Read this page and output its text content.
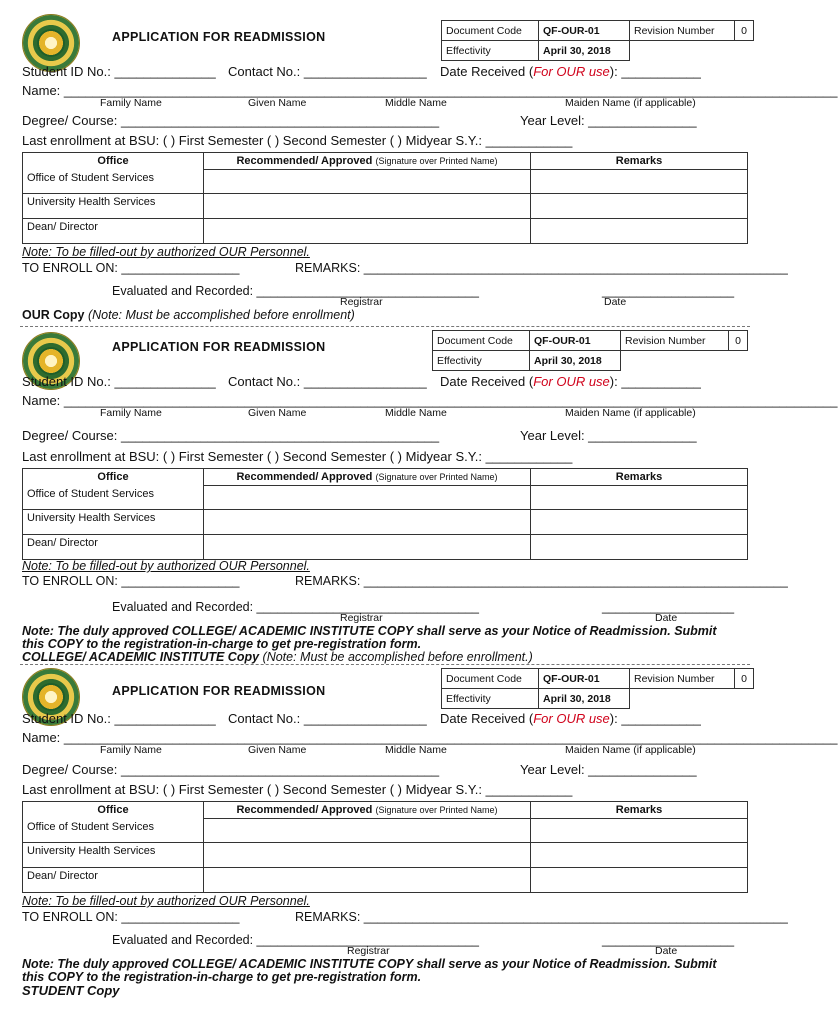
APPLICATION FOR READMISSION	Document Code	QF-OUR-01	Revision Number	0
Effectivity	April 30, 2018		
Student ID No.: ______________ Contact No.: _________________ Date Received (For OUR use): ___________
Name: ___________________________________________________________________________________________________________
Family Name	Given Name	Middle Name	Maiden Name (if applicable)
Degree/ Course: ____________________________________________	Year Level: _______________
Last enrollment at BSU: ( ) First Semester ( ) Second Semester ( ) Midyear S.Y.: ____________
Office	Recommended/ Approved (Signature over Printed Name)	Remarks
Office of Student Services		
University Health Services		
Dean/ Director		
Note: To be filled-out by authorized OUR Personnel.
TO ENROLL ON: _________________	REMARKS: _____________________________________________________________
Evaluated and Recorded: ________________________________	___________________
Registrar	Date
OUR Copy (Note: Must be accomplished before enrollment)
APPLICATION FOR READMISSION	Document Code	QF-OUR-01	Revision Number	0
Effectivity	April 30, 2018		
Student ID No.: ______________ Contact No.: _________________ Date Received (For OUR use): ___________
Name: ___________________________________________________________________________________________________________
Family Name	Given Name	Middle Name	Maiden Name (if applicable)
Degree/ Course: ____________________________________________	Year Level: _______________
Last enrollment at BSU: ( ) First Semester ( ) Second Semester ( ) Midyear S.Y.: ____________
Office	Recommended/ Approved (Signature over Printed Name)	Remarks
Office of Student Services		
University Health Services		
Dean/ Director		
Note: To be filled-out by authorized OUR Personnel.
TO ENROLL ON: _________________	REMARKS: _____________________________________________________________
Evaluated and Recorded: ________________________________	___________________
Registrar	Date
Note: The duly approved COLLEGE/ ACADEMIC INSTITUTE COPY shall serve as your Notice of Readmission. Submit
this COPY to the registration-in-charge to get pre-registration form.
COLLEGE/ ACADEMIC INSTITUTE Copy (Note: Must be accomplished before enrollment.)
APPLICATION FOR READMISSION
Document Code	QF-OUR-01	Revision Number	0
Effectivity	April 30, 2018		
Student ID No.: ______________ Contact No.: _________________ Date Received (For OUR use): ___________
Name: ___________________________________________________________________________________________________________
Family Name	Given Name	Middle Name	Maiden Name (if applicable)
Degree/ Course: ____________________________________________	Year Level: _______________
Last enrollment at BSU: ( ) First Semester ( ) Second Semester ( ) Midyear S.Y.: ____________
Office	Recommended/ Approved (Signature over Printed Name)	Remarks
Office of Student Services		
University Health Services		
Dean/ Director		
Note: To be filled-out by authorized OUR Personnel.
TO ENROLL ON: _________________	REMARKS: _____________________________________________________________
Evaluated and Recorded: ________________________________	___________________
Registrar	Date
Note: The duly approved COLLEGE/ ACADEMIC INSTITUTE COPY shall serve as your Notice of Readmission. Submit
this COPY to the registration-in-charge to get pre-registration form.
STUDENT Copy
